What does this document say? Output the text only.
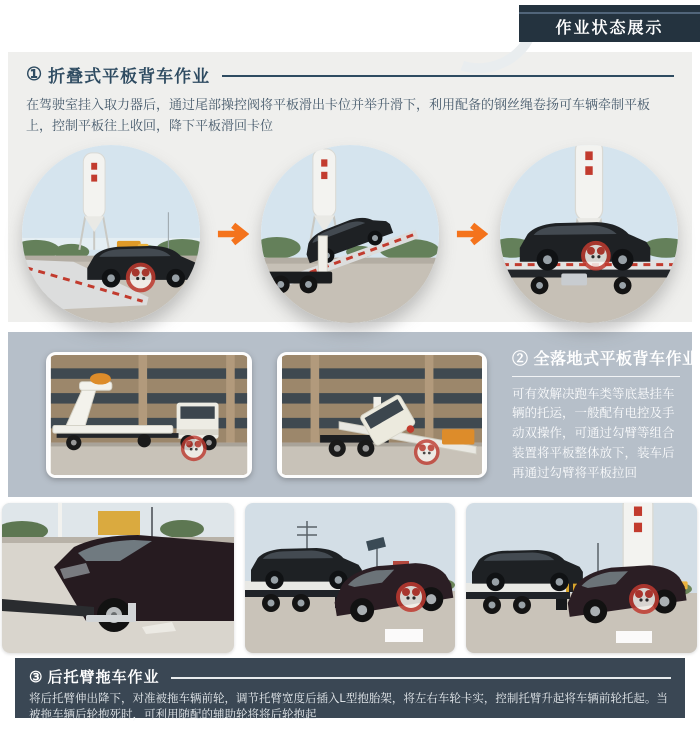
作业状态展示
① 折叠式平板背车作业
在驾驶室挂入取力器后，通过尾部操控阀将平板滑出卡位并举升滑下，利用配备的钢丝绳卷扬可车辆牵制平板上，控制平板往上收回，降下平板滑回卡位
② 全落地式平板背车作业
可有效解决跑车类等底悬挂车辆的托运，一般配有电控及手动双操作，可通过勾臂等组合装置将平板整体放下，装车后再通过勾臂将平板拉回
③ 后托臂拖车作业
将后托臂伸出降下，对准被拖车辆前轮，调节托臂宽度后插入L型抱胎架，将左右车轮卡实，控制托臂升起将车辆前轮托起。当被拖车辆后轮抱死时，可利用随配的辅助轮将将后轮抱起
